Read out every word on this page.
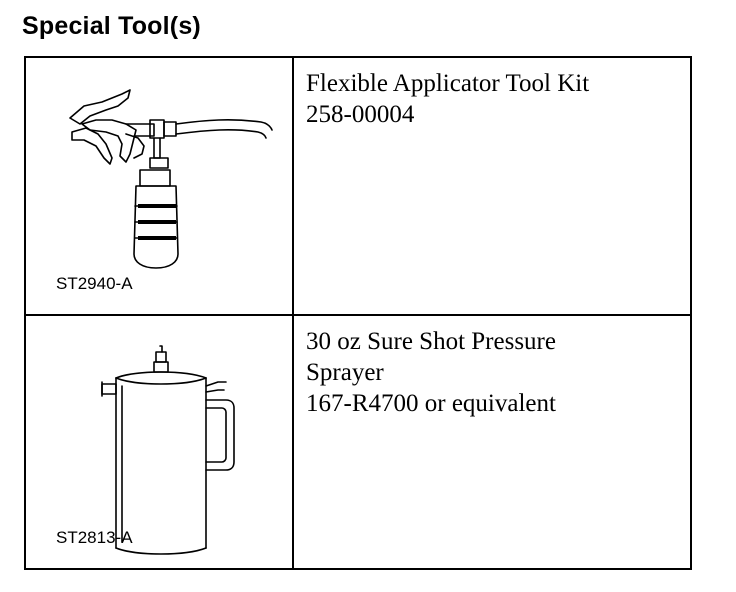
Special Tool(s)
ST2940-A
Flexible Applicator Tool Kit
258-00004
ST2813-A
30 oz Sure Shot Pressure
Sprayer
167-R4700 or equivalent
